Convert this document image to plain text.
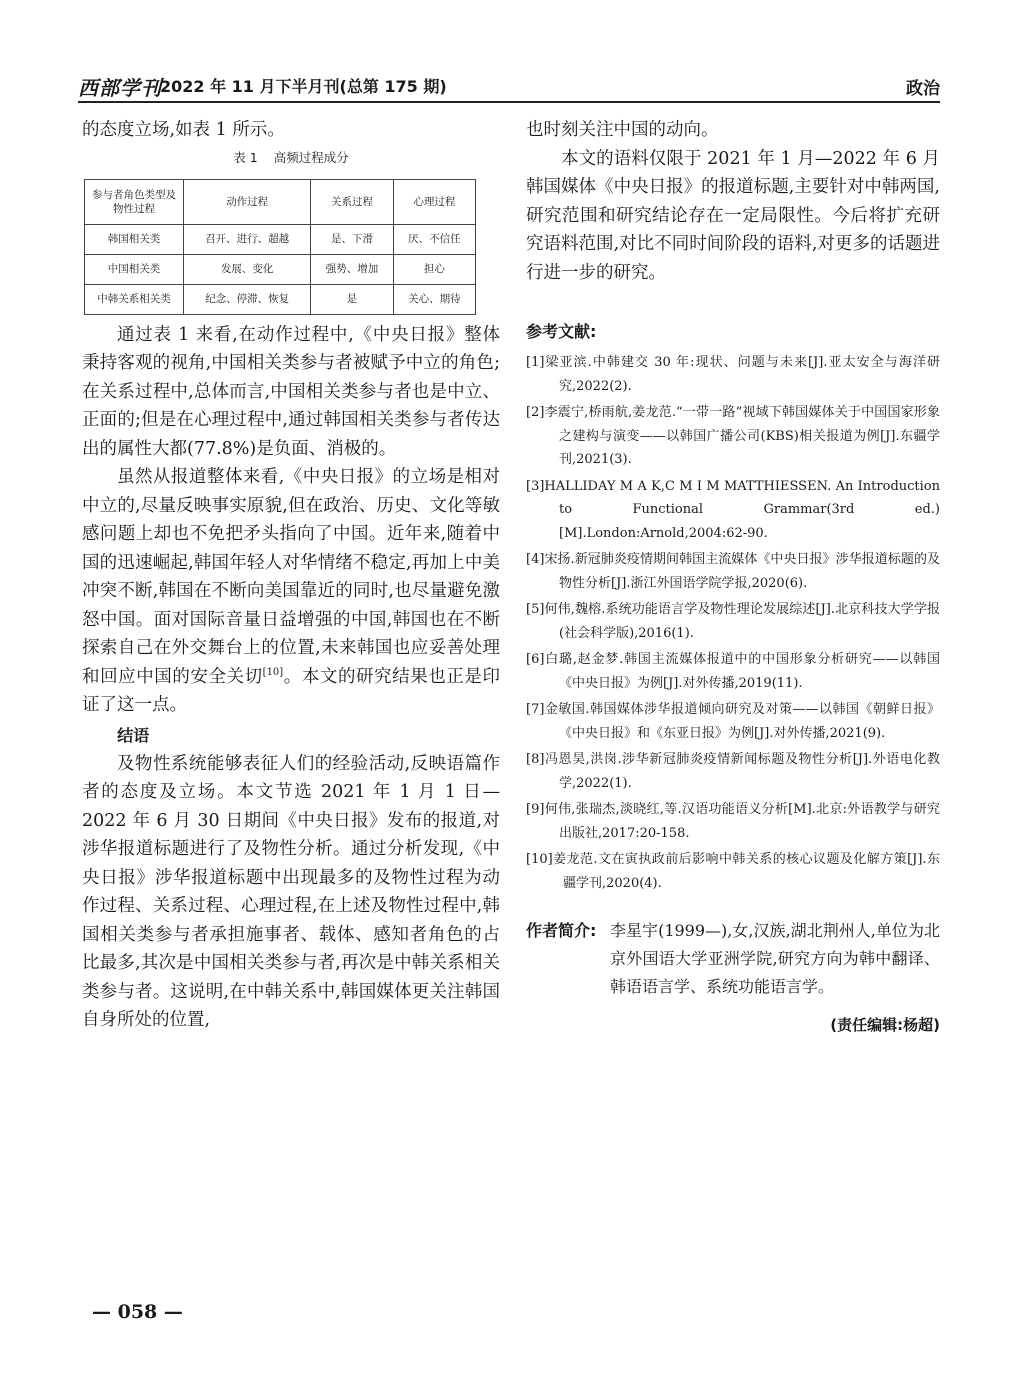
西部学刊
2022 年 11 月下半月刊(总第 175 期)	政治

的态度立场,如表 1 所示。

表 1 高频过程成分
参与者角色类型及物性过程	动作过程	关系过程	心理过程
韩国相关类	召开、进行、超越	是、下滑	厌、不信任
中国相关类	发展、变化	强势、增加	担心
中韩关系相关类	纪念、停滞、恢复	是	关心、期待

通过表 1 来看,在动作过程中,《中央日报》整体秉持客观的视角,中国相关类参与者被赋予中立的角色;在关系过程中,总体而言,中国相关类参与者也是中立、正面的;但是在心理过程中,通过韩国相关类参与者传达出的属性大都(77.8%)是负面、消极的。

虽然从报道整体来看,《中央日报》的立场是相对中立的,尽量反映事实原貌,但在政治、历史、文化等敏感问题上却也不免把矛头指向了中国。近年来,随着中国的迅速崛起,韩国年轻人对华情绪不稳定,再加上中美冲突不断,韩国在不断向美国靠近的同时,也尽量避免激怒中国。面对国际音量日益增强的中国,韩国也在不断探索自己在外交舞台上的位置,未来韩国也应妥善处理和回应中国的安全关切[10]。本文的研究结果也正是印证了这一点。

结语

及物性系统能够表征人们的经验活动,反映语篇作者的态度及立场。本文节选 2021 年 1 月 1 日—2022 年 6 月 30 日期间《中央日报》发布的报道,对涉华报道标题进行了及物性分析。通过分析发现,《中央日报》涉华报道标题中出现最多的及物性过程为动作过程、关系过程、心理过程,在上述及物性过程中,韩国相关类参与者承担施事者、载体、感知者角色的占比最多,其次是中国相关类参与者,再次是中韩关系相关类参与者。这说明,在中韩关系中,韩国媒体更关注韩国自身所处的位置,

也时刻关注中国的动向。

本文的语料仅限于 2021 年 1 月—2022 年 6 月韩国媒体《中央日报》的报道标题,主要针对中韩两国,研究范围和研究结论存在一定局限性。今后将扩充研究语料范围,对比不同时间阶段的语料,对更多的话题进行进一步的研究。

参考文献:
[1]梁亚滨.中韩建交 30 年:现状、问题与未来[J].亚太安全与海洋研究,2022(2).
[2]李震宁,桥雨航,姜龙范.“一带一路”视域下韩国媒体关于中国国家形象之建构与演变——以韩国广播公司(KBS)相关报道为例[J].东疆学刊,2021(3).
[3]HALLIDAY M A K,C M I M MATTHIESSEN. An Introduction to Functional Grammar(3rd ed.)[M].London:Arnold,2004:62-90.
[4]宋扬.新冠肺炎疫情期间韩国主流媒体《中央日报》涉华报道标题的及物性分析[J].浙江外国语学院学报,2020(6).
[5]何伟,魏榕.系统功能语言学及物性理论发展综述[J].北京科技大学学报(社会科学版),2016(1).
[6]白璐,赵金梦.韩国主流媒体报道中的中国形象分析研究——以韩国《中央日报》为例[J].对外传播,2019(11).
[7]金敏国.韩国媒体涉华报道倾向研究及对策——以韩国《朝鲜日报》《中央日报》和《东亚日报》为例[J].对外传播,2021(9).
[8]冯恩昊,洪岗.涉华新冠肺炎疫情新闻标题及物性分析[J].外语电化教学,2022(1).
[9]何伟,张瑞杰,淡晓红,等.汉语功能语义分析[M].北京:外语教学与研究出版社,2017:20-158.
[10]姜龙范.文在寅执政前后影响中韩关系的核心议题及化解方策[J].东疆学刊,2020(4).
作者简介: 李星宇(1999—),女,汉族,湖北荆州人,单位为北京外国语大学亚洲学院,研究方向为韩中翻译、韩语语言学、系统功能语言学。
(责任编辑:杨超)
— 058 —
